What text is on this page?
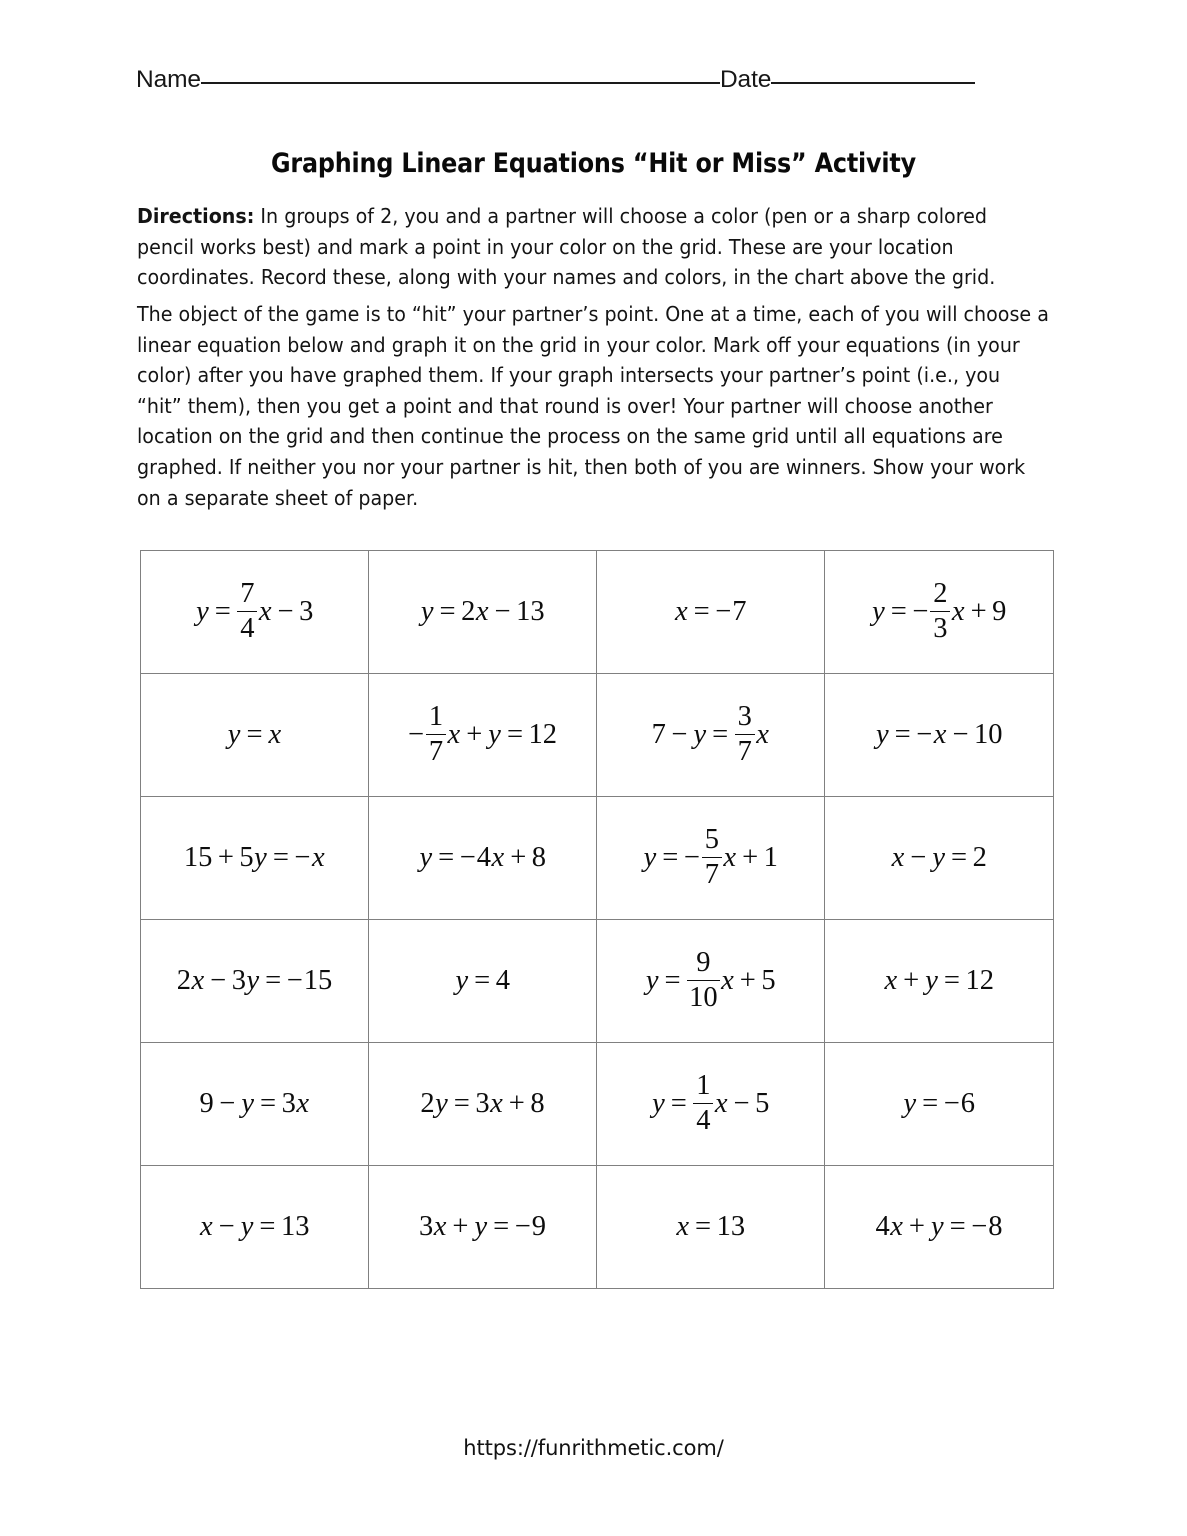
Name	Date
Graphing Linear Equations “Hit or Miss” Activity
Directions: In groups of 2, you and a partner will choose a color (pen or a sharp colored pencil works best) and mark a point in your color on the grid. These are your location coordinates. Record these, along with your names and colors, in the chart above the grid.
The object of the game is to “hit” your partner’s point. One at a time, each of you will choose a linear equation below and graph it on the grid in your color. Mark off your equations (in your color) after you have graphed them. If your graph intersects your partner’s point (i.e., you “hit” them), then you get a point and that round is over! Your partner will choose another location on the grid and then continue the process on the same grid until all equations are graphed. If neither you nor your partner is hit, then both of you are winners. Show your work on a separate sheet of paper.
$y = \frac{7}{4}$ x − 3	y = 2 x − 13	x = − 7	y = − $\frac{2}{3}$ x + 9

y = x	− $\frac{1}{7}$ x + y = 12	$7 - y = \frac{3}{7}$ x	y = − x − 10

15 + 5 y = − x	y = − 4 x + 8	y = − $\frac{5}{7}$ x + 1	x − y = 2

2 x − 3 y = − 15	y = 4	$y = \frac{9}{10}$ x + 5	x + y = 12

9 − y = 3 x	2 y = 3 x + 8	$y = \frac{1}{4}$ x − 5	y = − 6

x − y = 13	3 x + y = − 9	x = 13	4 x + y = − 8
https://funrithmetic.com/
